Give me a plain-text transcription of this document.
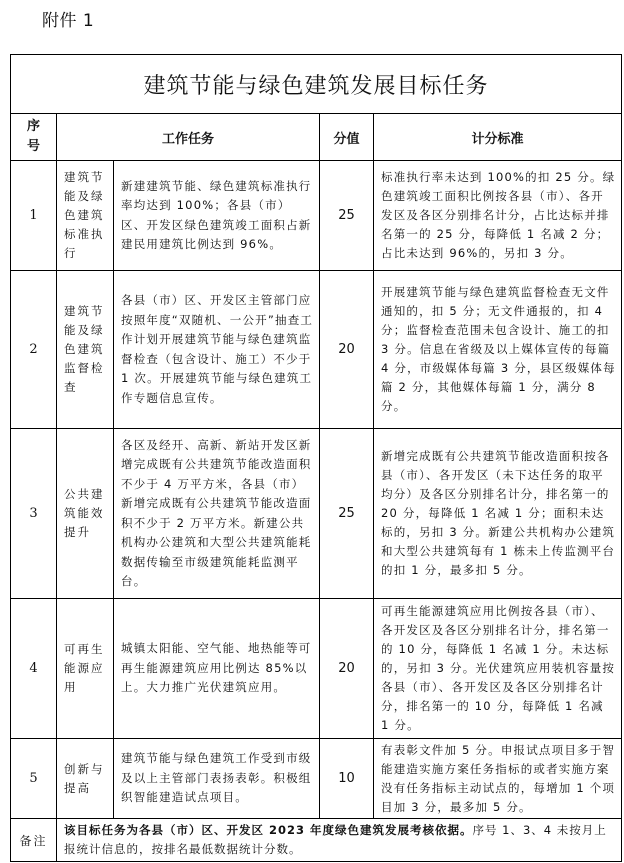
附件 1
建筑节能与绿色建筑发展目标任务				
序号	工作任务		分值	计分标准
1	建筑节能及绿色建筑标准执行	新建建筑节能、绿色建筑标准执行率均达到 100%；各县（市）区、开发区绿色建筑竣工面积占新建民用建筑比例达到 96%。	25	标准执行率未达到 100%的扣 25 分。绿色建筑竣工面积比例按各县（市）、各开发区及各区分别排名计分，占比达标并排名第一的 25 分，每降低 1 名减 2 分；占比未达到 96%的，另扣 3 分。
2	建筑节能及绿色建筑监督检查	各县（市）区、开发区主管部门应按照年度“双随机、一公开”抽查工作计划开展建筑节能与绿色建筑监督检查（包含设计、施工）不少于 1 次。开展建筑节能与绿色建筑工作专题信息宣传。	20	开展建筑节能与绿色建筑监督检查无文件通知的，扣 5 分；无文件通报的，扣 4 分；监督检查范围未包含设计、施工的扣 3 分。信息在省级及以上媒体宣传的每篇 4 分，市级媒体每篇 3 分，县区级媒体每篇 2 分，其他媒体每篇 1 分，满分 8 分。
3	公共建筑能效提升	各区及经开、高新、新站开发区新增完成既有公共建筑节能改造面积不少于 4 万平方米，各县（市）新增完成既有公共建筑节能改造面积不少于 2 万平方米。新建公共机构办公建筑和大型公共建筑能耗数据传输至市级建筑能耗监测平台。	25	新增完成既有公共建筑节能改造面积按各县（市）、各开发区（未下达任务的取平均分）及各区分别排名计分，排名第一的 20 分，每降低 1 名减 1 分；面积未达标的，另扣 3 分。新建公共机构办公建筑和大型公共建筑每有 1 栋未上传监测平台的扣 1 分，最多扣 5 分。
4	可再生能源应用	城镇太阳能、空气能、地热能等可再生能源建筑应用比例达 85%以上。大力推广光伏建筑应用。	20	可再生能源建筑应用比例按各县（市）、各开发区及各区分别排名计分，排名第一的 10 分，每降低 1 名减 1 分。未达标的，另扣 3 分。光伏建筑应用装机容量按各县（市）、各开发区及各区分别排名计分，排名第一的 10 分，每降低 1 名减 1 分。
5	创新与提高	建筑节能与绿色建筑工作受到市级及以上主管部门表扬表彰。积极组织智能建造试点项目。	10	有表彰文件加 5 分。申报试点项目多于智能建造实施方案任务指标的或者实施方案没有任务指标主动试点的，每增加 1 个项目加 3 分，最多加 5 分。
备注	该目标任务为各县（市）区、开发区 2023 年度绿色建筑发展考核依据。序号 1、3、4 未按月上报统计信息的，按排名最低数据统计分数。			
